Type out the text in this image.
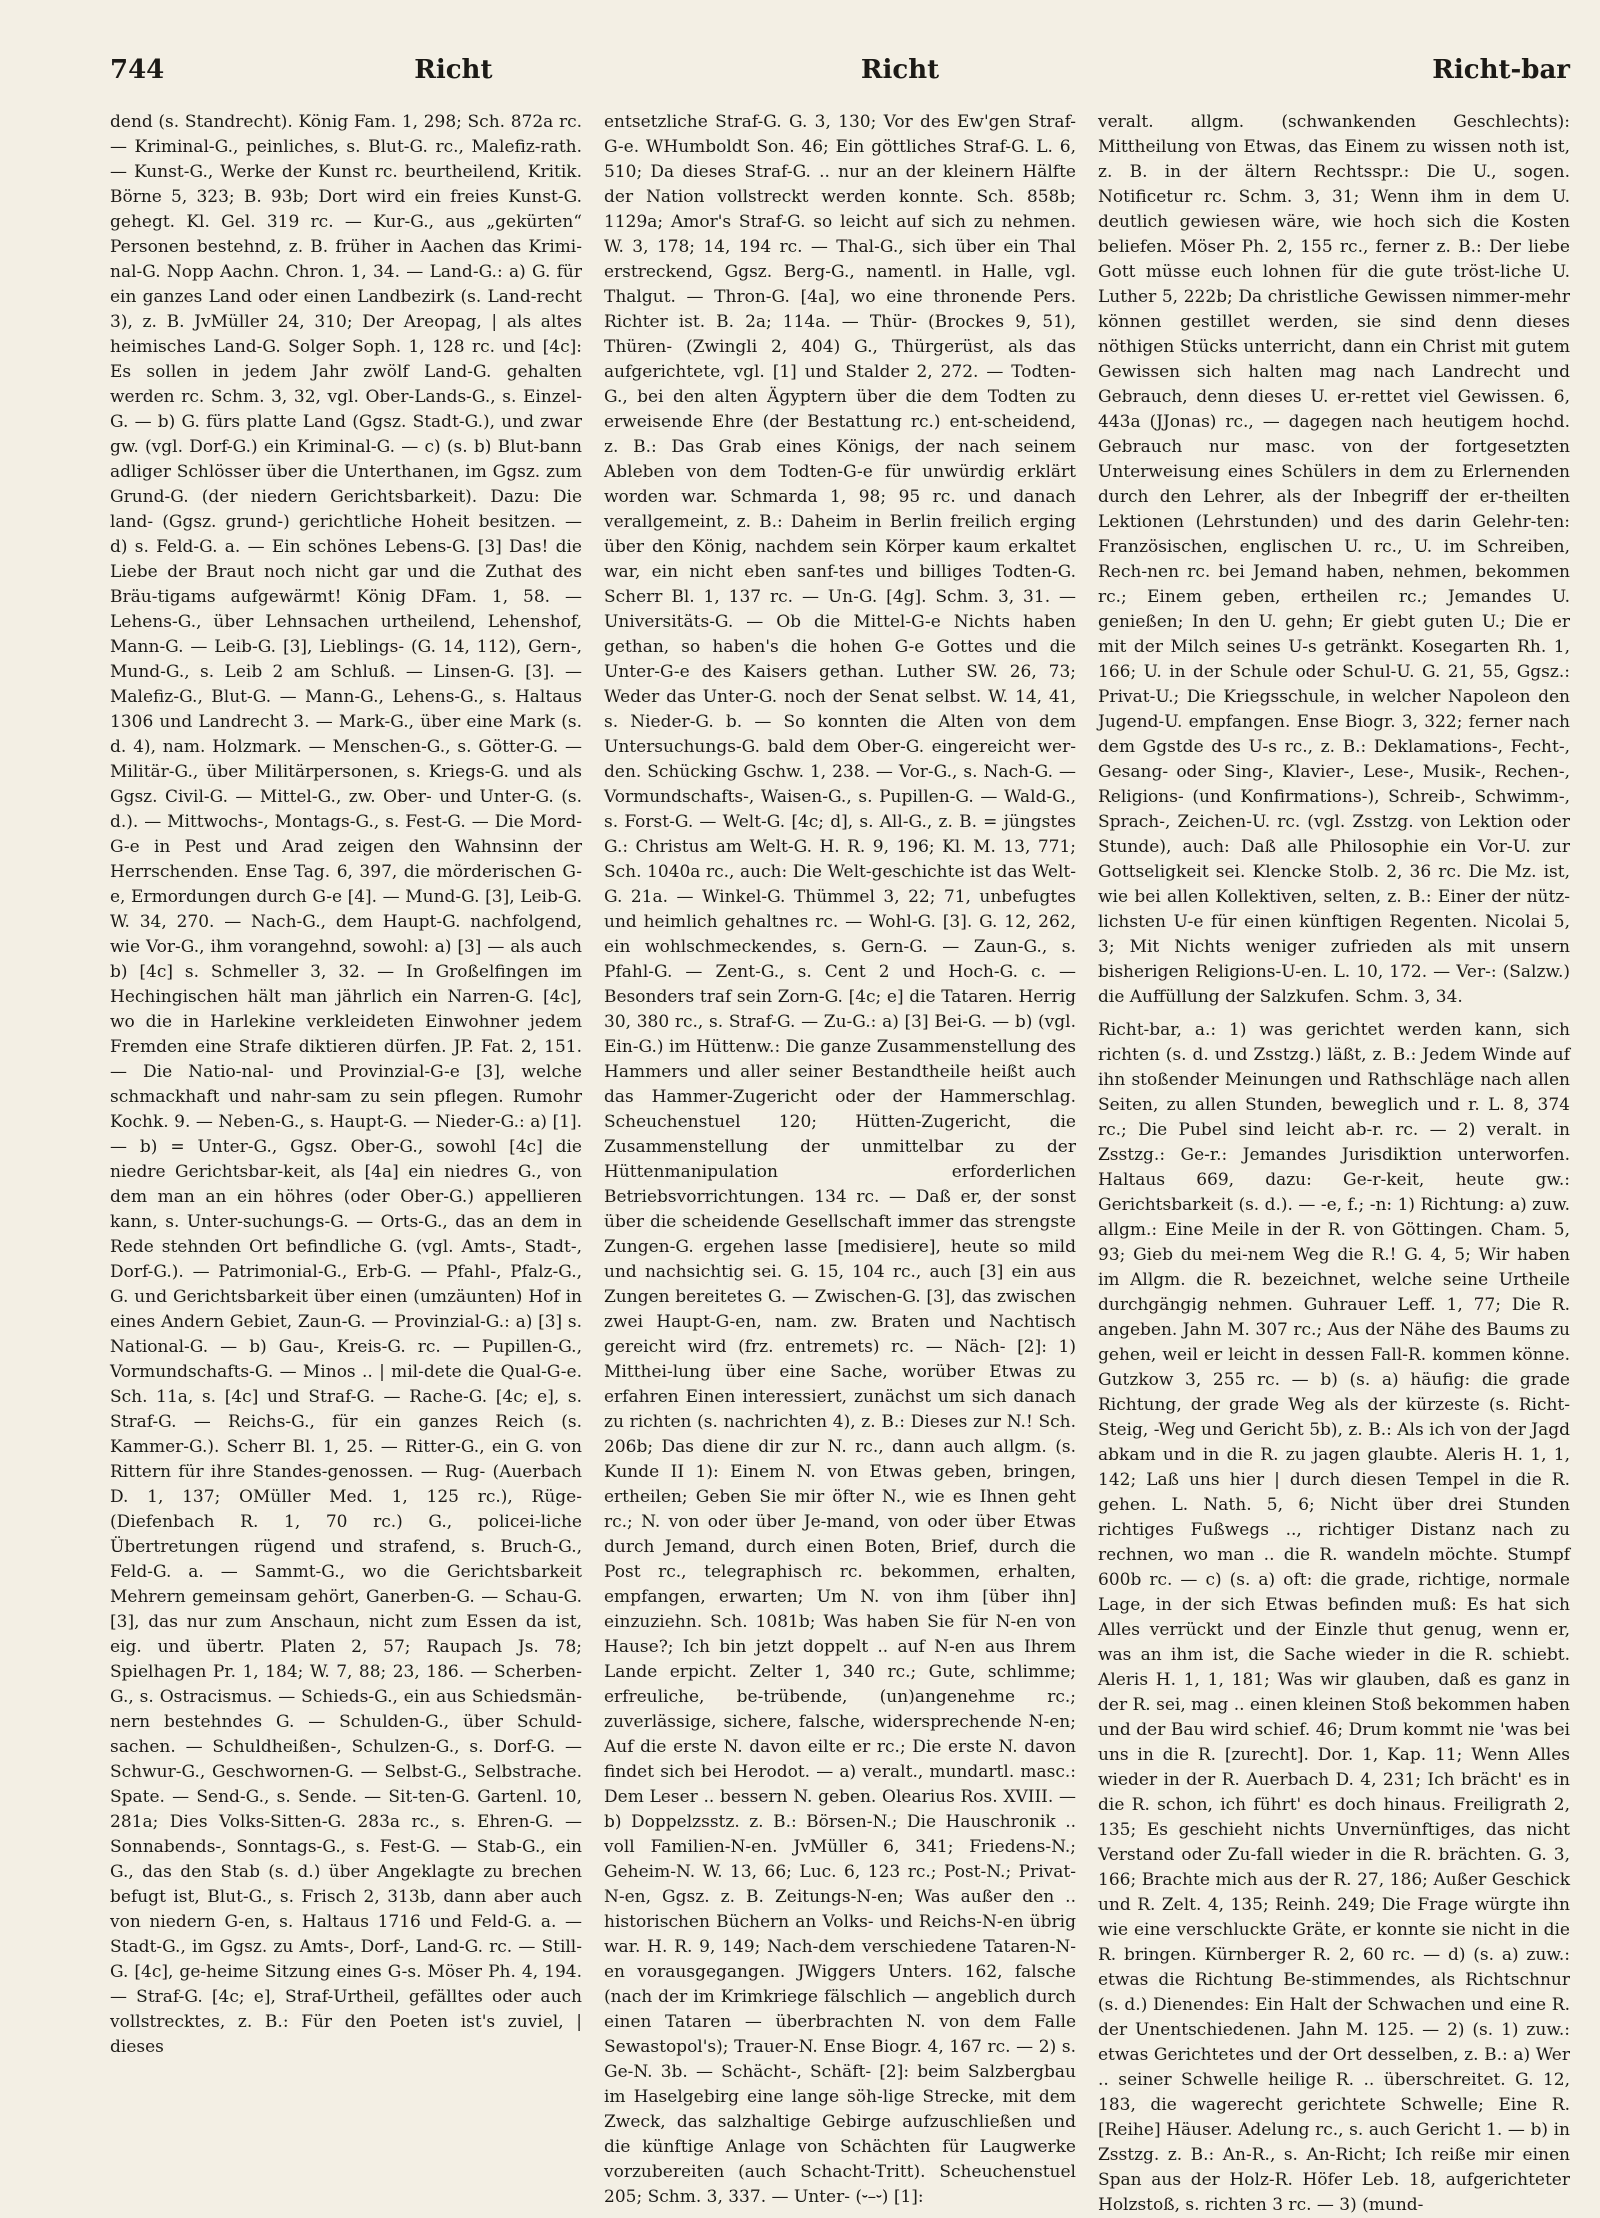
744	Richt	Richt	Richt-bar

dend (s. Standrecht). König Fam. 1, 298; Sch. 872a rc. — Kriminal-G., peinliches, s. Blut-G. rc., Malefiz-rath. — Kunst-G., Werke der Kunst rc. beurtheilend, Kritik. Börne 5, 323; B. 93b; Dort wird ein freies Kunst-G. gehegt. Kl. Gel. 319 rc. — Kur-G., aus „gekürten“ Personen bestehnd, z. B. früher in Aachen das Krimi-nal-G. Nopp Aachn. Chron. 1, 34. — Land-G.: a) G. für ein ganzes Land oder einen Landbezirk (s. Land-recht 3), z. B. JvMüller 24, 310; Der Areopag, | als altes heimisches Land-G. Solger Soph. 1, 128 rc. und [4c]: Es sollen in jedem Jahr zwölf Land-G. gehalten werden rc. Schm. 3, 32, vgl. Ober-Lands-G., s. Einzel-G. — b) G. fürs platte Land (Ggsz. Stadt-G.), und zwar gw. (vgl. Dorf-G.) ein Kriminal-G. — c) (s. b) Blut-bann adliger Schlösser über die Unterthanen, im Ggsz. zum Grund-G. (der niedern Gerichtsbarkeit). Dazu: Die land- (Ggsz. grund-) gerichtliche Hoheit besitzen. — d) s. Feld-G. a. — Ein schönes Lebens-G. [3] Das! die Liebe der Braut noch nicht gar und die Zuthat des Bräu-tigams aufgewärmt! König DFam. 1, 58. — Lehens-G., über Lehnsachen urtheilend, Lehenshof, Mann-G. — Leib-G. [3], Lieblings- (G. 14, 112), Gern-, Mund-G., s. Leib 2 am Schluß. — Linsen-G. [3]. — Malefiz-G., Blut-G. — Mann-G., Lehens-G., s. Haltaus 1306 und Landrecht 3. — Mark-G., über eine Mark (s. d. 4), nam. Holzmark. — Menschen-G., s. Götter-G. — Militär-G., über Militärpersonen, s. Kriegs-G. und als Ggsz. Civil-G. — Mittel-G., zw. Ober- und Unter-G. (s. d.). — Mittwochs-, Montags-G., s. Fest-G. — Die Mord-G-e in Pest und Arad zeigen den Wahnsinn der Herrschenden. Ense Tag. 6, 397, die mörderischen G-e, Ermordungen durch G-e [4]. — Mund-G. [3], Leib-G. W. 34, 270. — Nach-G., dem Haupt-G. nachfolgend, wie Vor-G., ihm vorangehnd, sowohl: a) [3] — als auch b) [4c] s. Schmeller 3, 32. — In Großelfingen im Hechingischen hält man jährlich ein Narren-G. [4c], wo die in Harlekine verkleideten Einwohner jedem Fremden eine Strafe diktieren dürfen. JP. Fat. 2, 151. — Die Natio-nal- und Provinzial-G-e [3], welche schmackhaft und nahr-sam zu sein pflegen. Rumohr Kochk. 9. — Neben-G., s. Haupt-G. — Nieder-G.: a) [1]. — b) = Unter-G., Ggsz. Ober-G., sowohl [4c] die niedre Gerichtsbar-keit, als [4a] ein niedres G., von dem man an ein höhres (oder Ober-G.) appellieren kann, s. Unter-suchungs-G. — Orts-G., das an dem in Rede stehnden Ort befindliche G. (vgl. Amts-, Stadt-, Dorf-G.). — Patrimonial-G., Erb-G. — Pfahl-, Pfalz-G., G. und Gerichtsbarkeit über einen (umzäunten) Hof in eines Andern Gebiet, Zaun-G. — Provinzial-G.: a) [3] s. National-G. — b) Gau-, Kreis-G. rc. — Pupillen-G., Vormundschafts-G. — Minos .. | mil-dete die Qual-G-e. Sch. 11a, s. [4c] und Straf-G. — Rache-G. [4c; e], s. Straf-G. — Reichs-G., für ein ganzes Reich (s. Kammer-G.). Scherr Bl. 1, 25. — Ritter-G., ein G. von Rittern für ihre Standes-genossen. — Rug- (Auerbach D. 1, 137; OMüller Med. 1, 125 rc.), Rüge- (Diefenbach R. 1, 70 rc.) G., policei-liche Übertretungen rügend und strafend, s. Bruch-G., Feld-G. a. — Sammt-G., wo die Gerichtsbarkeit Mehrern gemeinsam gehört, Ganerben-G. — Schau-G. [3], das nur zum Anschaun, nicht zum Essen da ist, eig. und übertr. Platen 2, 57; Raupach Js. 78; Spielhagen Pr. 1, 184; W. 7, 88; 23, 186. — Scherben-G., s. Ostracismus. — Schieds-G., ein aus Schiedsmän-nern bestehndes G. — Schulden-G., über Schuld-sachen. — Schuldheißen-, Schulzen-G., s. Dorf-G. — Schwur-G., Geschwornen-G. — Selbst-G., Selbstrache. Spate. — Send-G., s. Sende. — Sit-ten-G. Gartenl. 10, 281a; Dies Volks-Sitten-G. 283a rc., s. Ehren-G. — Sonnabends-, Sonntags-G., s. Fest-G. — Stab-G., ein G., das den Stab (s. d.) über Angeklagte zu brechen befugt ist, Blut-G., s. Frisch 2, 313b, dann aber auch von niedern G-en, s. Haltaus 1716 und Feld-G. a. — Stadt-G., im Ggsz. zu Amts-, Dorf-, Land-G. rc. — Still-G. [4c], ge-heime Sitzung eines G-s. Möser Ph. 4, 194. — Straf-G. [4c; e], Straf-Urtheil, gefälltes oder auch vollstrecktes, z. B.: Für den Poeten ist's zuviel, | dieses

entsetzliche Straf-G. G. 3, 130; Vor des Ew'gen Straf-G-e. WHumboldt Son. 46; Ein göttliches Straf-G. L. 6, 510; Da dieses Straf-G. .. nur an der kleinern Hälfte der Nation vollstreckt werden konnte. Sch. 858b; 1129a; Amor's Straf-G. so leicht auf sich zu nehmen. W. 3, 178; 14, 194 rc. — Thal-G., sich über ein Thal erstreckend, Ggsz. Berg-G., namentl. in Halle, vgl. Thalgut. — Thron-G. [4a], wo eine thronende Pers. Richter ist. B. 2a; 114a. — Thür- (Brockes 9, 51), Thüren- (Zwingli 2, 404) G., Thürgerüst, als das aufgerichtete, vgl. [1] und Stalder 2, 272. — Todten-G., bei den alten Ägyptern über die dem Todten zu erweisende Ehre (der Bestattung rc.) ent-scheidend, z. B.: Das Grab eines Königs, der nach seinem Ableben von dem Todten-G-e für unwürdig erklärt worden war. Schmarda 1, 98; 95 rc. und danach verallgemeint, z. B.: Daheim in Berlin freilich erging über den König, nachdem sein Körper kaum erkaltet war, ein nicht eben sanf-tes und billiges Todten-G. Scherr Bl. 1, 137 rc. — Un-G. [4g]. Schm. 3, 31. — Universitäts-G. — Ob die Mittel-G-e Nichts haben gethan, so haben's die hohen G-e Gottes und die Unter-G-e des Kaisers gethan. Luther SW. 26, 73; Weder das Unter-G. noch der Senat selbst. W. 14, 41, s. Nieder-G. b. — So konnten die Alten von dem Untersuchungs-G. bald dem Ober-G. eingereicht wer-den. Schücking Gschw. 1, 238. — Vor-G., s. Nach-G. — Vormundschafts-, Waisen-G., s. Pupillen-G. — Wald-G., s. Forst-G. — Welt-G. [4c; d], s. All-G., z. B. = jüngstes G.: Christus am Welt-G. H. R. 9, 196; Kl. M. 13, 771; Sch. 1040a rc., auch: Die Welt-geschichte ist das Welt-G. 21a. — Winkel-G. Thümmel 3, 22; 71, unbefugtes und heimlich gehaltnes rc. — Wohl-G. [3]. G. 12, 262, ein wohlschmeckendes, s. Gern-G. — Zaun-G., s. Pfahl-G. — Zent-G., s. Cent 2 und Hoch-G. c. — Besonders traf sein Zorn-G. [4c; e] die Tataren. Herrig 30, 380 rc., s. Straf-G. — Zu-G.: a) [3] Bei-G. — b) (vgl. Ein-G.) im Hüttenw.: Die ganze Zusammenstellung des Hammers und aller seiner Bestandtheile heißt auch das Hammer-Zugericht oder der Hammerschlag. Scheuchenstuel 120; Hütten-Zugericht, die Zusammenstellung der unmittelbar zu der Hüttenmanipulation erforderlichen Betriebsvorrichtungen. 134 rc. — Daß er, der sonst über die scheidende Gesellschaft immer das strengste Zungen-G. ergehen lasse [medisiere], heute so mild und nachsichtig sei. G. 15, 104 rc., auch [3] ein aus Zungen bereitetes G. — Zwischen-G. [3], das zwischen zwei Haupt-G-en, nam. zw. Braten und Nachtisch gereicht wird (frz. entremets) rc. — Näch- [2]: 1) Mitthei-lung über eine Sache, worüber Etwas zu erfahren Einen interessiert, zunächst um sich danach zu richten (s. nachrichten 4), z. B.: Dieses zur N.! Sch. 206b; Das diene dir zur N. rc., dann auch allgm. (s. Kunde II 1): Einem N. von Etwas geben, bringen, ertheilen; Geben Sie mir öfter N., wie es Ihnen geht rc.; N. von oder über Je-mand, von oder über Etwas durch Jemand, durch einen Boten, Brief, durch die Post rc., telegraphisch rc. bekommen, erhalten, empfangen, erwarten; Um N. von ihm [über ihn] einzuziehn. Sch. 1081b; Was haben Sie für N-en von Hause?; Ich bin jetzt doppelt .. auf N-en aus Ihrem Lande erpicht. Zelter 1, 340 rc.; Gute, schlimme; erfreuliche, be-trübende, (un)angenehme rc.; zuverlässige, sichere, falsche, widersprechende N-en; Auf die erste N. davon eilte er rc.; Die erste N. davon findet sich bei Herodot. — a) veralt., mundartl. masc.: Dem Leser .. bessern N. geben. Olearius Ros. XVIII. — b) Doppelzsstz. z. B.: Börsen-N.; Die Hauschronik .. voll Familien-N-en. JvMüller 6, 341; Friedens-N.; Geheim-N. W. 13, 66; Luc. 6, 123 rc.; Post-N.; Privat-N-en, Ggsz. z. B. Zeitungs-N-en; Was außer den .. historischen Büchern an Volks- und Reichs-N-en übrig war. H. R. 9, 149; Nach-dem verschiedene Tataren-N-en vorausgegangen. JWiggers Unters. 162, falsche (nach der im Krimkriege fälschlich — angeblich durch einen Tataren — überbrachten N. von dem Falle Sewastopol's); Trauer-N. Ense Biogr. 4, 167 rc. — 2) s. Ge-N. 3b. — Schächt-, Schäft- [2]: beim Salzbergbau im Haselgebirg eine lange söh-lige Strecke, mit dem Zweck, das salzhaltige Gebirge aufzuschließen und die künftige Anlage von Schächten für Laugwerke vorzubereiten (auch Schacht-Tritt). Scheuchenstuel 205; Schm. 3, 337. — Unter- (⏑–⏑) [1]:

veralt. allgm. (schwankenden Geschlechts): Mittheilung von Etwas, das Einem zu wissen noth ist, z. B. in der ältern Rechtsspr.: Die U., sogen. Notificetur rc. Schm. 3, 31; Wenn ihm in dem U. deutlich gewiesen wäre, wie hoch sich die Kosten beliefen. Möser Ph. 2, 155 rc., ferner z. B.: Der liebe Gott müsse euch lohnen für die gute tröst-liche U. Luther 5, 222b; Da christliche Gewissen nimmer-mehr können gestillet werden, sie sind denn dieses nöthigen Stücks unterricht, dann ein Christ mit gutem Gewissen sich halten mag nach Landrecht und Gebrauch, denn dieses U. er-rettet viel Gewissen. 6, 443a (JJonas) rc., — dagegen nach heutigem hochd. Gebrauch nur masc. von der fortgesetzten Unterweisung eines Schülers in dem zu Erlernenden durch den Lehrer, als der Inbegriff der er-theilten Lektionen (Lehrstunden) und des darin Gelehr-ten: Französischen, englischen U. rc., U. im Schreiben, Rech-nen rc. bei Jemand haben, nehmen, bekommen rc.; Einem geben, ertheilen rc.; Jemandes U. genießen; In den U. gehn; Er giebt guten U.; Die er mit der Milch seines U-s getränkt. Kosegarten Rh. 1, 166; U. in der Schule oder Schul-U. G. 21, 55, Ggsz.: Privat-U.; Die Kriegsschule, in welcher Napoleon den Jugend-U. empfangen. Ense Biogr. 3, 322; ferner nach dem Ggstde des U-s rc., z. B.: Deklamations-, Fecht-, Gesang- oder Sing-, Klavier-, Lese-, Musik-, Rechen-, Religions- (und Konfirmations-), Schreib-, Schwimm-, Sprach-, Zeichen-U. rc. (vgl. Zsstzg. von Lektion oder Stunde), auch: Daß alle Philosophie ein Vor-U. zur Gottseligkeit sei. Klencke Stolb. 2, 36 rc. Die Mz. ist, wie bei allen Kollektiven, selten, z. B.: Einer der nütz-lichsten U-e für einen künftigen Regenten. Nicolai 5, 3; Mit Nichts weniger zufrieden als mit unsern bisherigen Religions-U-en. L. 10, 172. — Ver-: (Salzw.) die Auffüllung der Salzkufen. Schm. 3, 34.

Richt-bar, a.: 1) was gerichtet werden kann, sich richten (s. d. und Zsstzg.) läßt, z. B.: Jedem Winde auf ihn stoßender Meinungen und Rathschläge nach allen Seiten, zu allen Stunden, beweglich und r. L. 8, 374 rc.; Die Pubel sind leicht ab-r. rc. — 2) veralt. in Zsstzg.: Ge-r.: Jemandes Jurisdiktion unterworfen. Haltaus 669, dazu: Ge-r-keit, heute gw.: Gerichtsbarkeit (s. d.). — -e, f.; -n: 1) Richtung: a) zuw. allgm.: Eine Meile in der R. von Göttingen. Cham. 5, 93; Gieb du mei-nem Weg die R.! G. 4, 5; Wir haben im Allgm. die R. bezeichnet, welche seine Urtheile durchgängig nehmen. Guhrauer Leff. 1, 77; Die R. angeben. Jahn M. 307 rc.; Aus der Nähe des Baums zu gehen, weil er leicht in dessen Fall-R. kommen könne. Gutzkow 3, 255 rc. — b) (s. a) häufig: die grade Richtung, der grade Weg als der kürzeste (s. Richt-Steig, -Weg und Gericht 5b), z. B.: Als ich von der Jagd abkam und in die R. zu jagen glaubte. Aleris H. 1, 1, 142; Laß uns hier | durch diesen Tempel in die R. gehen. L. Nath. 5, 6; Nicht über drei Stunden richtiges Fußwegs .., richtiger Distanz nach zu rechnen, wo man .. die R. wandeln möchte. Stumpf 600b rc. — c) (s. a) oft: die grade, richtige, normale Lage, in der sich Etwas befinden muß: Es hat sich Alles verrückt und der Einzle thut genug, wenn er, was an ihm ist, die Sache wieder in die R. schiebt. Aleris H. 1, 1, 181; Was wir glauben, daß es ganz in der R. sei, mag .. einen kleinen Stoß bekommen haben und der Bau wird schief. 46; Drum kommt nie 'was bei uns in die R. [zurecht]. Dor. 1, Kap. 11; Wenn Alles wieder in der R. Auerbach D. 4, 231; Ich brächt' es in die R. schon, ich führt' es doch hinaus. Freiligrath 2, 135; Es geschieht nichts Unvernünftiges, das nicht Verstand oder Zu-fall wieder in die R. brächten. G. 3, 166; Brachte mich aus der R. 27, 186; Außer Geschick und R. Zelt. 4, 135; Reinh. 249; Die Frage würgte ihn wie eine verschluckte Gräte, er konnte sie nicht in die R. bringen. Kürnberger R. 2, 60 rc. — d) (s. a) zuw.: etwas die Richtung Be-stimmendes, als Richtschnur (s. d.) Dienendes: Ein Halt der Schwachen und eine R. der Unentschiedenen. Jahn M. 125. — 2) (s. 1) zuw.: etwas Gerichtetes und der Ort desselben, z. B.: a) Wer .. seiner Schwelle heilige R. .. überschreitet. G. 12, 183, die wagerecht gerichtete Schwelle; Eine R. [Reihe] Häuser. Adelung rc., s. auch Gericht 1. — b) in Zsstzg. z. B.: An-R., s. An-Richt; Ich reiße mir einen Span aus der Holz-R. Höfer Leb. 18, aufgerichteter Holzstoß, s. richten 3 rc. — 3) (mund-
